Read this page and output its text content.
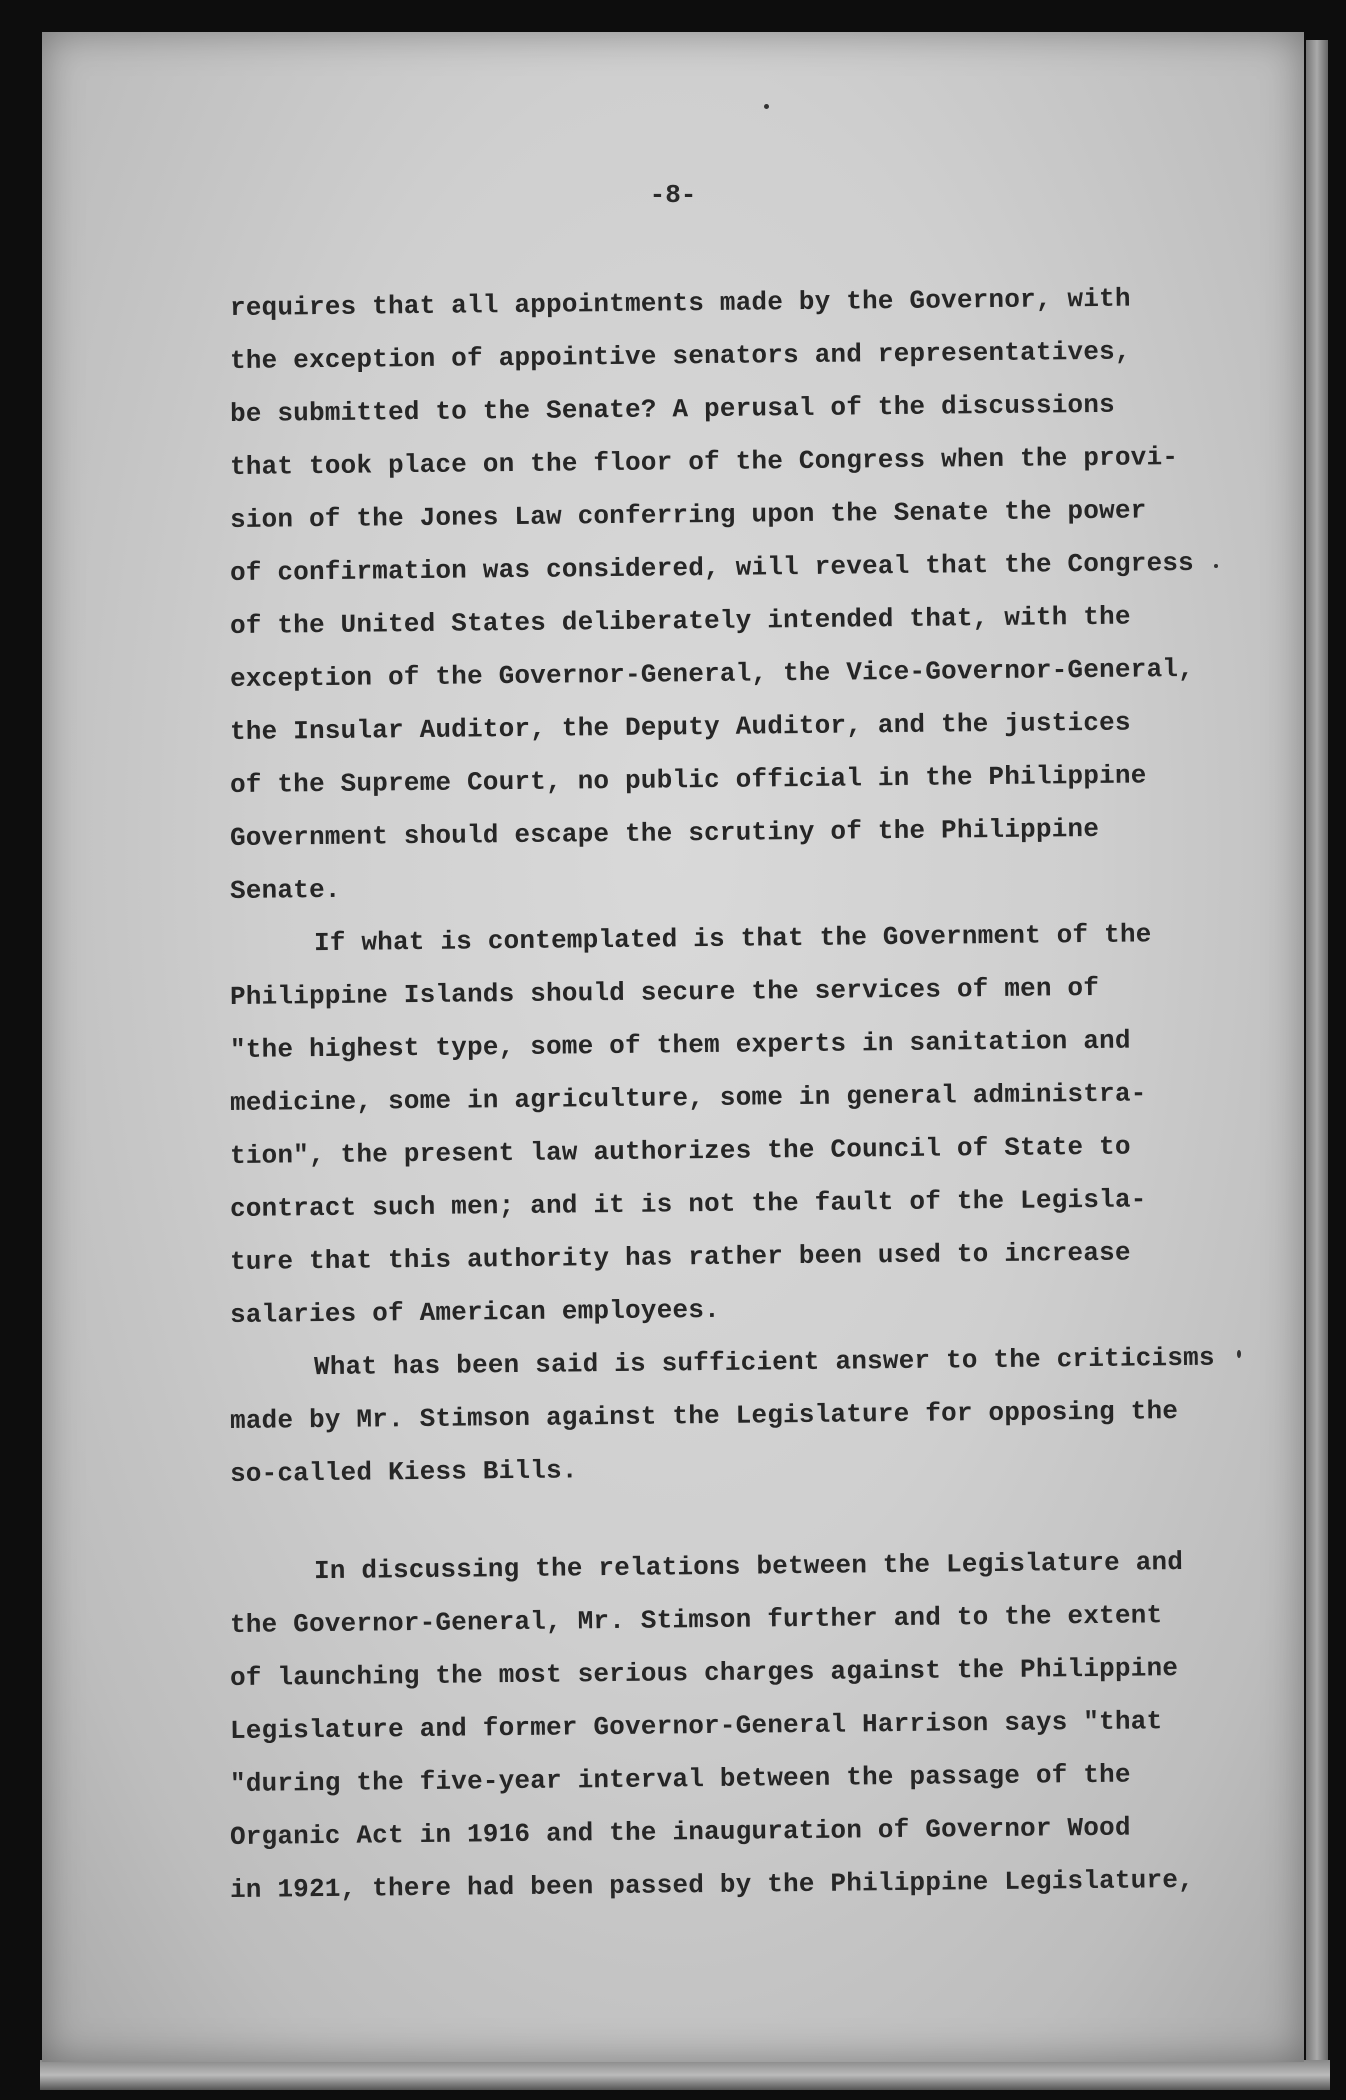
-8-
requires that all appointments made by the Governor, with
the exception of appointive senators and representatives,
be submitted to the Senate? A perusal of the discussions
that took place on the floor of the Congress when the provi-
sion of the Jones Law conferring upon the Senate the power
of confirmation was considered, will reveal that the Congress
of the United States deliberately intended that, with the
exception of the Governor-General, the Vice-Governor-General,
the Insular Auditor, the Deputy Auditor, and the justices
of the Supreme Court, no public official in the Philippine
Government should escape the scrutiny of the Philippine
Senate.
If what is contemplated is that the Government of the
Philippine Islands should secure the services of men of
"the highest type, some of them experts in sanitation and
medicine, some in agriculture, some in general administra-
tion", the present law authorizes the Council of State to
contract such men; and it is not the fault of the Legisla-
ture that this authority has rather been used to increase
salaries of American employees.
What has been said is sufficient answer to the criticisms
made by Mr. Stimson against the Legislature for opposing the
so-called Kiess Bills.
In discussing the relations between the Legislature and
the Governor-General, Mr. Stimson further and to the extent
of launching the most serious charges against the Philippine
Legislature and former Governor-General Harrison says "that
"during the five-year interval between the passage of the
Organic Act in 1916 and the inauguration of Governor Wood
in 1921, there had been passed by the Philippine Legislature,
